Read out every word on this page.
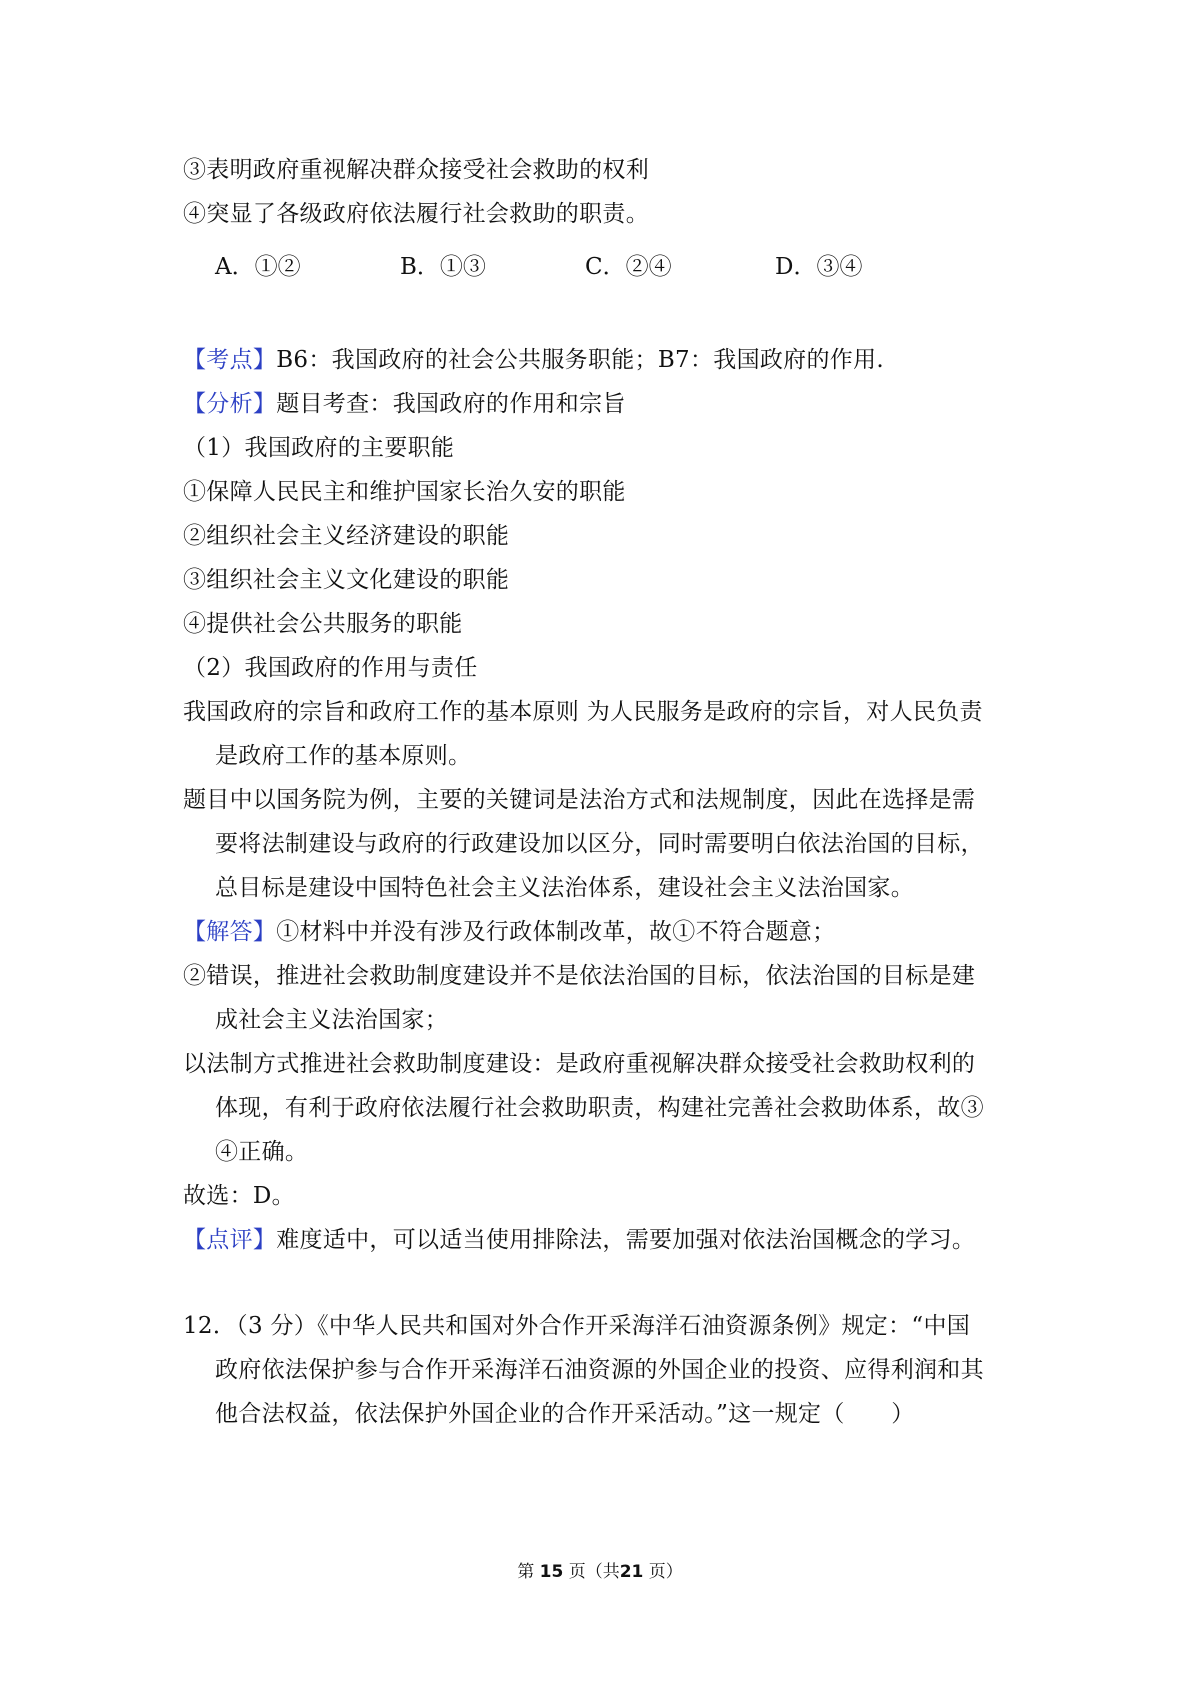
③表明政府重视解决群众接受社会救助的权利
④突显了各级政府依法履行社会救助的职责。
A．①②	B．①③	C．②④	D．③④
【考点】B6：我国政府的社会公共服务职能；B7：我国政府的作用.
【分析】题目考查：我国政府的作用和宗旨
（1）我国政府的主要职能
①保障人民民主和维护国家长治久安的职能
②组织社会主义经济建设的职能
③组织社会主义文化建设的职能
④提供社会公共服务的职能
（2）我国政府的作用与责任
我国政府的宗旨和政府工作的基本原则 为人民服务是政府的宗旨，对人民负责
是政府工作的基本原则。
题目中以国务院为例，主要的关键词是法治方式和法规制度，因此在选择是需
要将法制建设与政府的行政建设加以区分，同时需要明白依法治国的目标，
总目标是建设中国特色社会主义法治体系，建设社会主义法治国家。
【解答】①材料中并没有涉及行政体制改革，故①不符合题意；
②错误，推进社会救助制度建设并不是依法治国的目标，依法治国的目标是建
成社会主义法治国家；
以法制方式推进社会救助制度建设：是政府重视解决群众接受社会救助权利的
体现，有利于政府依法履行社会救助职责，构建社完善社会救助体系，故③
④正确。
故选：D。
【点评】难度适中，可以适当使用排除法，需要加强对依法治国概念的学习。
12．（3 分）《中华人民共和国对外合作开采海洋石油资源条例》规定：“中国
政府依法保护参与合作开采海洋石油资源的外国企业的投资、应得利润和其
他合法权益，依法保护外国企业的合作开采活动。”这一规定（　　）
第 15 页（共21 页）
